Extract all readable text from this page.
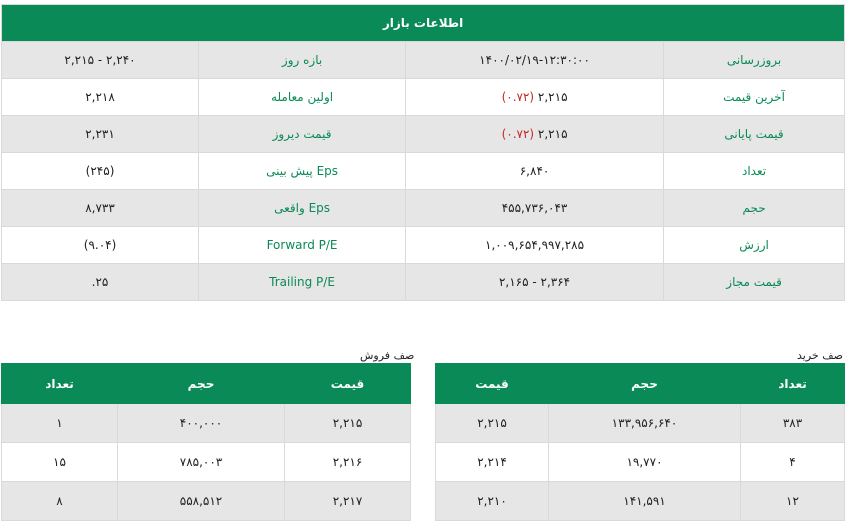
اطلاعات بازار			
بروزرسانی	۱۴۰۰/۰۲/۱۹-۱۲:۳۰:۰۰	بازه روز	۲,۲۴۰ - ۲,۲۱۵
آخرین قیمت	۲,۲۱۵ (۰.۷۲)	اولین معامله	۲,۲۱۸
قیمت پایانی	۲,۲۱۵ (۰.۷۲)	قیمت دیروز	۲,۲۳۱
تعداد	۶,۸۴۰	Eps پیش بینی	(۲۴۵)
حجم	۴۵۵,۷۳۶,۰۴۳	Eps واقعی	۸,۷۳۳
ارزش	۱,۰۰۹,۶۵۴,۹۹۷,۲۸۵	Forward P/E	(۹.۰۴)
قیمت مجاز	۲,۳۶۴ - ۲,۱۶۵	Trailing P/E	۲۵.
صف فروش
تعداد	حجم	قیمت
۱	۴۰۰,۰۰۰	۲,۲۱۵
۱۵	۷۸۵,۰۰۳	۲,۲۱۶
۸	۵۵۸,۵۱۲	۲,۲۱۷
صف خرید
قیمت	حجم	تعداد
۲,۲۱۵	۱۳۳,۹۵۶,۶۴۰	۳۸۳
۲,۲۱۴	۱۹,۷۷۰	۴
۲,۲۱۰	۱۴۱,۵۹۱	۱۲
